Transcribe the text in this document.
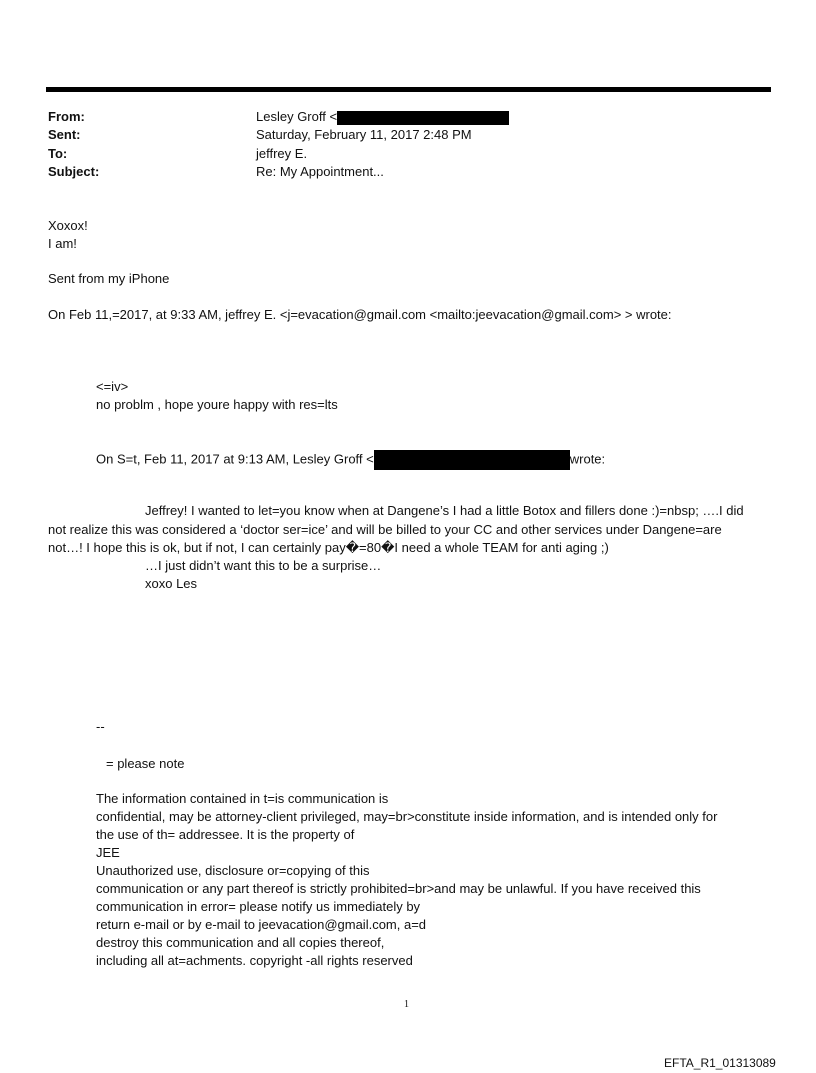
From:	Lesley Groff <
Sent:	Saturday, February 11, 2017 2:48 PM
To:	jeffrey E.
Subject:	Re: My Appointment...
Xoxox!
I am!
Sent from my iPhone
On Feb 11,=2017, at 9:33 AM, jeffrey E. <j=evacation@gmail.com <mailto:jeevacation@gmail.com> > wrote:
<=iv>
no problm , hope youre happy with res=lts
On S=t, Feb 11, 2017 at 9:13 AM, Lesley Groff <	wrote:
Jeffrey! I wanted to let=you know when at Dangene’s I had a little Botox and fillers done :)=nbsp; ….I did
not realize this was considered a ‘doctor ser=ice’ and will be billed to your CC and other services under Dangene=are
not…! I hope this is ok, but if not, I can certainly pay�=80�I need a whole TEAM for anti aging ;)
…I just didn’t want this to be a surprise…
xoxo Les
--
= please note
The information contained in t=is communication is
confidential, may be attorney-client privileged, may=br>constitute inside information, and is intended only for
the use of th= addressee. It is the property of
JEE
Unauthorized use, disclosure or=copying of this
communication or any part thereof is strictly prohibited=br>and may be unlawful. If you have received this
communication in error= please notify us immediately by
return e-mail or by e-mail to jeevacation@gmail.com, a=d
destroy this communication and all copies thereof,
including all at=achments. copyright -all rights reserved
1
EFTA_R1_01313089
